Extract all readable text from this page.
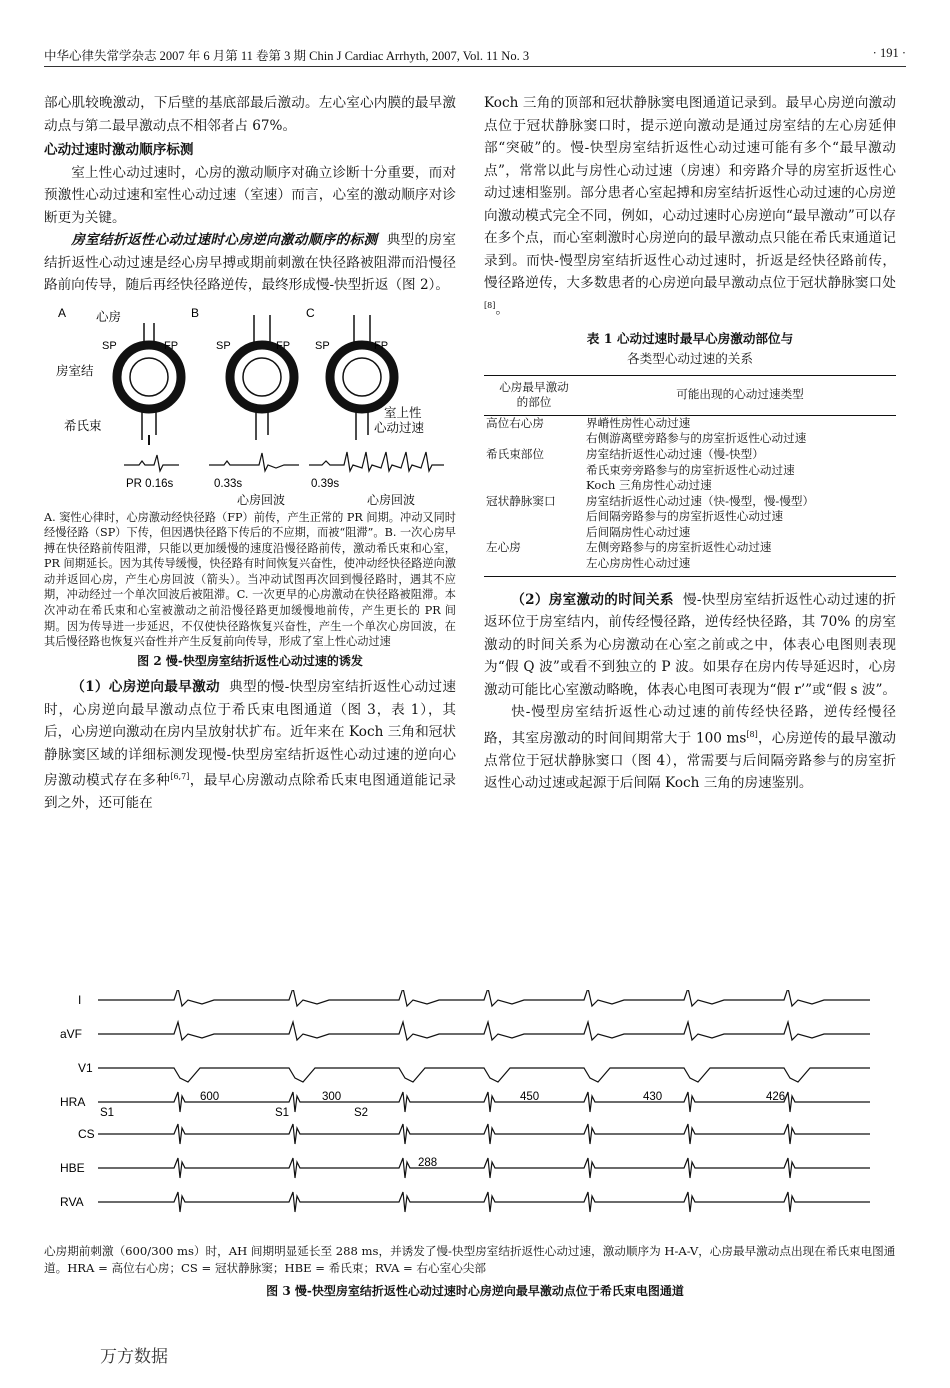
中华心律失常学杂志 2007 年 6 月第 11 卷第 3 期 Chin J Cardiac Arrhyth, 2007, Vol. 11 No. 3	· 191 ·

部心肌较晚激动，下后壁的基底部最后激动。左心室心内膜的最早激动点与第二最早激动点不相邻者占 67%。

心动过速时激动顺序标测

室上性心动过速时，心房的激动顺序对确立诊断十分重要，而对预激性心动过速和室性心动过速（室速）而言，心室的激动顺序对诊断更为关键。

房室结折返性心动过速时心房逆向激动顺序的标测 典型的房室结折返性心动过速是经心房早搏或期前刺激在快径路被阻滞而沿慢径路前向传导，随后再经快径路逆传，最终形成慢-快型折返（图 2）。

A	B	C
心房
房室结
希氏束
SP	FP	SP	FP SP	FP
室上性 心动过速
PR 0.16s	0.33s	0.39s
心房回波	心房回波

A. 窦性心律时，心房激动经快径路（FP）前传，产生正常的 PR 间期。冲动又同时经慢径路（SP）下传，但因遇快径路下传后的不应期，而被“阻滞”。B. 一次心房早搏在快径路前传阻滞，只能以更加缓慢的速度沿慢径路前传，激动希氏束和心室，PR 间期延长。因为其传导缓慢，快径路有时间恢复兴奋性，使冲动经快径路逆向激动并返回心房，产生心房回波（箭头）。当冲动试图再次回到慢径路时，遇其不应期，冲动经过一个单次回波后被阻滞。C. 一次更早的心房激动在快径路被阻滞。本次冲动在希氏束和心室被激动之前沿慢径路更加缓慢地前传，产生更长的 PR 间期。因为传导进一步延迟，不仅使快径路恢复兴奋性，产生一个单次心房回波，在其后慢径路也恢复兴奋性并产生反复前向传导，形成了室上性心动过速

图 2 慢-快型房室结折返性心动过速的诱发

（1）心房逆向最早激动 典型的慢-快型房室结折返性心动过速时，心房逆向最早激动点位于希氏束电图通道（图 3，表 1），其后，心房逆向激动在房内呈放射状扩布。近年来在 Koch 三角和冠状静脉窦区域的详细标测发现慢-快型房室结折返性心动过速的逆向心房激动模式存在多种[6,7]，最早心房激动点除希氏束电图通道能记录到之外，还可能在

Koch 三角的顶部和冠状静脉窦电图通道记录到。最早心房逆向激动点位于冠状静脉窦口时，提示逆向激动是通过房室结的左心房延伸部“突破”的。慢-快型房室结折返性心动过速可能有多个“最早激动点”，常常以此与房性心动过速（房速）和旁路介导的房室折返性心动过速相鉴别。部分患者心室起搏和房室结折返性心动过速的心房逆向激动模式完全不同，例如，心动过速时心房逆向“最早激动”可以存在多个点，而心室刺激时心房逆向的最早激动点只能在希氏束通道记录到。而快-慢型房室结折返性心动过速时，折返是经快径路前传，慢径路逆传，大多数患者的心房逆向最早激动点位于冠状静脉窦口处[8]。

表 1 心动过速时最早心房激动部位与
各类型心动过速的关系
心房最早激动
的部位	可能出现的心动过速类型
高位右心房	界嵴性房性心动过速
右侧游离壁旁路参与的房室折返性心动过速

希氏束部位	房室结折返性心动过速（慢-快型）
希氏束旁旁路参与的房室折返性心动过速
Koch 三角房性心动过速

冠状静脉窦口	房室结折返性心动过速（快-慢型，慢-慢型）
后间隔旁路参与的房室折返性心动过速
后间隔房性心动过速

左心房	左侧旁路参与的房室折返性心动过速
左心房房性心动过速

（2）房室激动的时间关系 慢-快型房室结折返性心动过速的折返环位于房室结内，前传经慢径路，逆传经快径路，其 70% 的房室激动的时间关系为心房激动在心室之前或之中，体表心电图则表现为“假 Q 波”或看不到独立的 P 波。如果存在房内传导延迟时，心房激动可能比心室激动略晚，体表心电图可表现为“假 r’”或“假 s 波”。

快-慢型房室结折返性心动过速的前传经快径路，逆传经慢径路，其室房激动的时间间期常大于 100 ms[8]，心房逆传的最早激动点常位于冠状静脉窦口（图 4），常需要与后间隔旁路参与的房室折返性心动过速或起源于后间隔 Koch 三角的房速鉴别。

I
aVF
V1
HRA
CS
HBE
RVA
600	300	450	430	426
288
S1	S1	S2
心房期前刺激（600/300 ms）时，AH 间期明显延长至 288 ms，并诱发了慢-快型房室结折返性心动过速，激动顺序为 H-A-V，心房最早激动点出现在希氏束电图通道。HRA = 高位右心房；CS = 冠状静脉窦；HBE = 希氏束；RVA = 右心室心尖部
图 3 慢-快型房室结折返性心动过速时心房逆向最早激动点位于希氏束电图通道
万方数据
